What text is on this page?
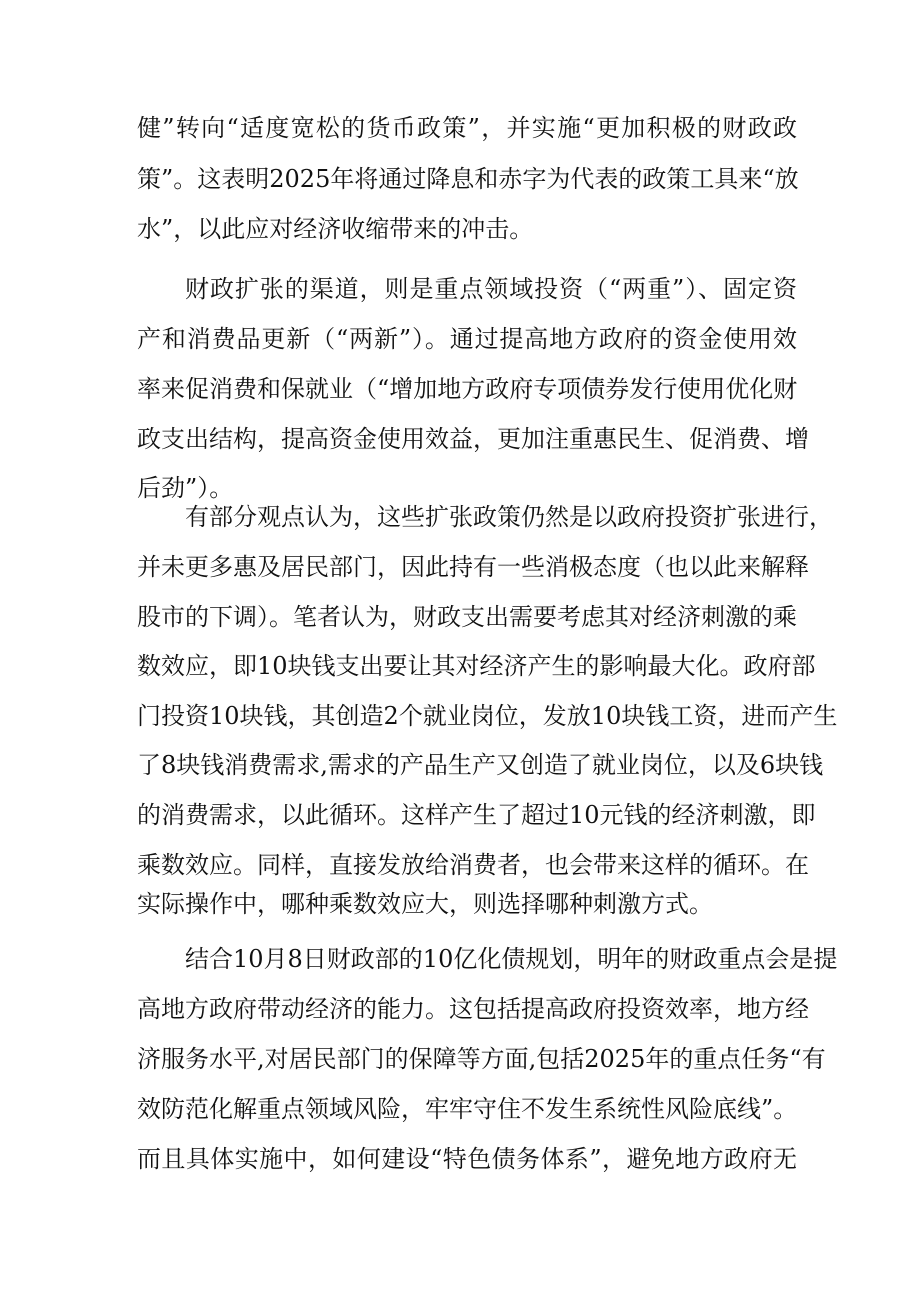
健”转向“适度宽松的货币政策”，并实施“更加积极的财政政
策”。这表明2025年将通过降息和赤字为代表的政策工具来“放
水”，以此应对经济收缩带来的冲击。
财政扩张的渠道，则是重点领域投资（“两重”）、固定资
产和消费品更新（“两新”）。通过提高地方政府的资金使用效
率来促消费和保就业（“增加地方政府专项债券发行使用优化财
政支出结构，提高资金使用效益，更加注重惠民生、促消费、增
后劲”）。
有部分观点认为，这些扩张政策仍然是以政府投资扩张进行，
并未更多惠及居民部门，因此持有一些消极态度（也以此来解释
股市的下调）。笔者认为，财政支出需要考虑其对经济刺激的乘
数效应，即10块钱支出要让其对经济产生的影响最大化。政府部
门投资10块钱，其创造2个就业岗位，发放10块钱工资，进而产生
了8块钱消费需求,需求的产品生产又创造了就业岗位，以及6块钱
的消费需求，以此循环。这样产生了超过10元钱的经济刺激，即
乘数效应。同样，直接发放给消费者，也会带来这样的循环。在
实际操作中，哪种乘数效应大，则选择哪种刺激方式。
结合10月8日财政部的10亿化债规划，明年的财政重点会是提
高地方政府带动经济的能力。这包括提高政府投资效率，地方经
济服务水平,对居民部门的保障等方面,包括2025年的重点任务“有
效防范化解重点领域风险，牢牢守住不发生系统性风险底线”。
而且具体实施中，如何建设“特色债务体系”，避免地方政府无
